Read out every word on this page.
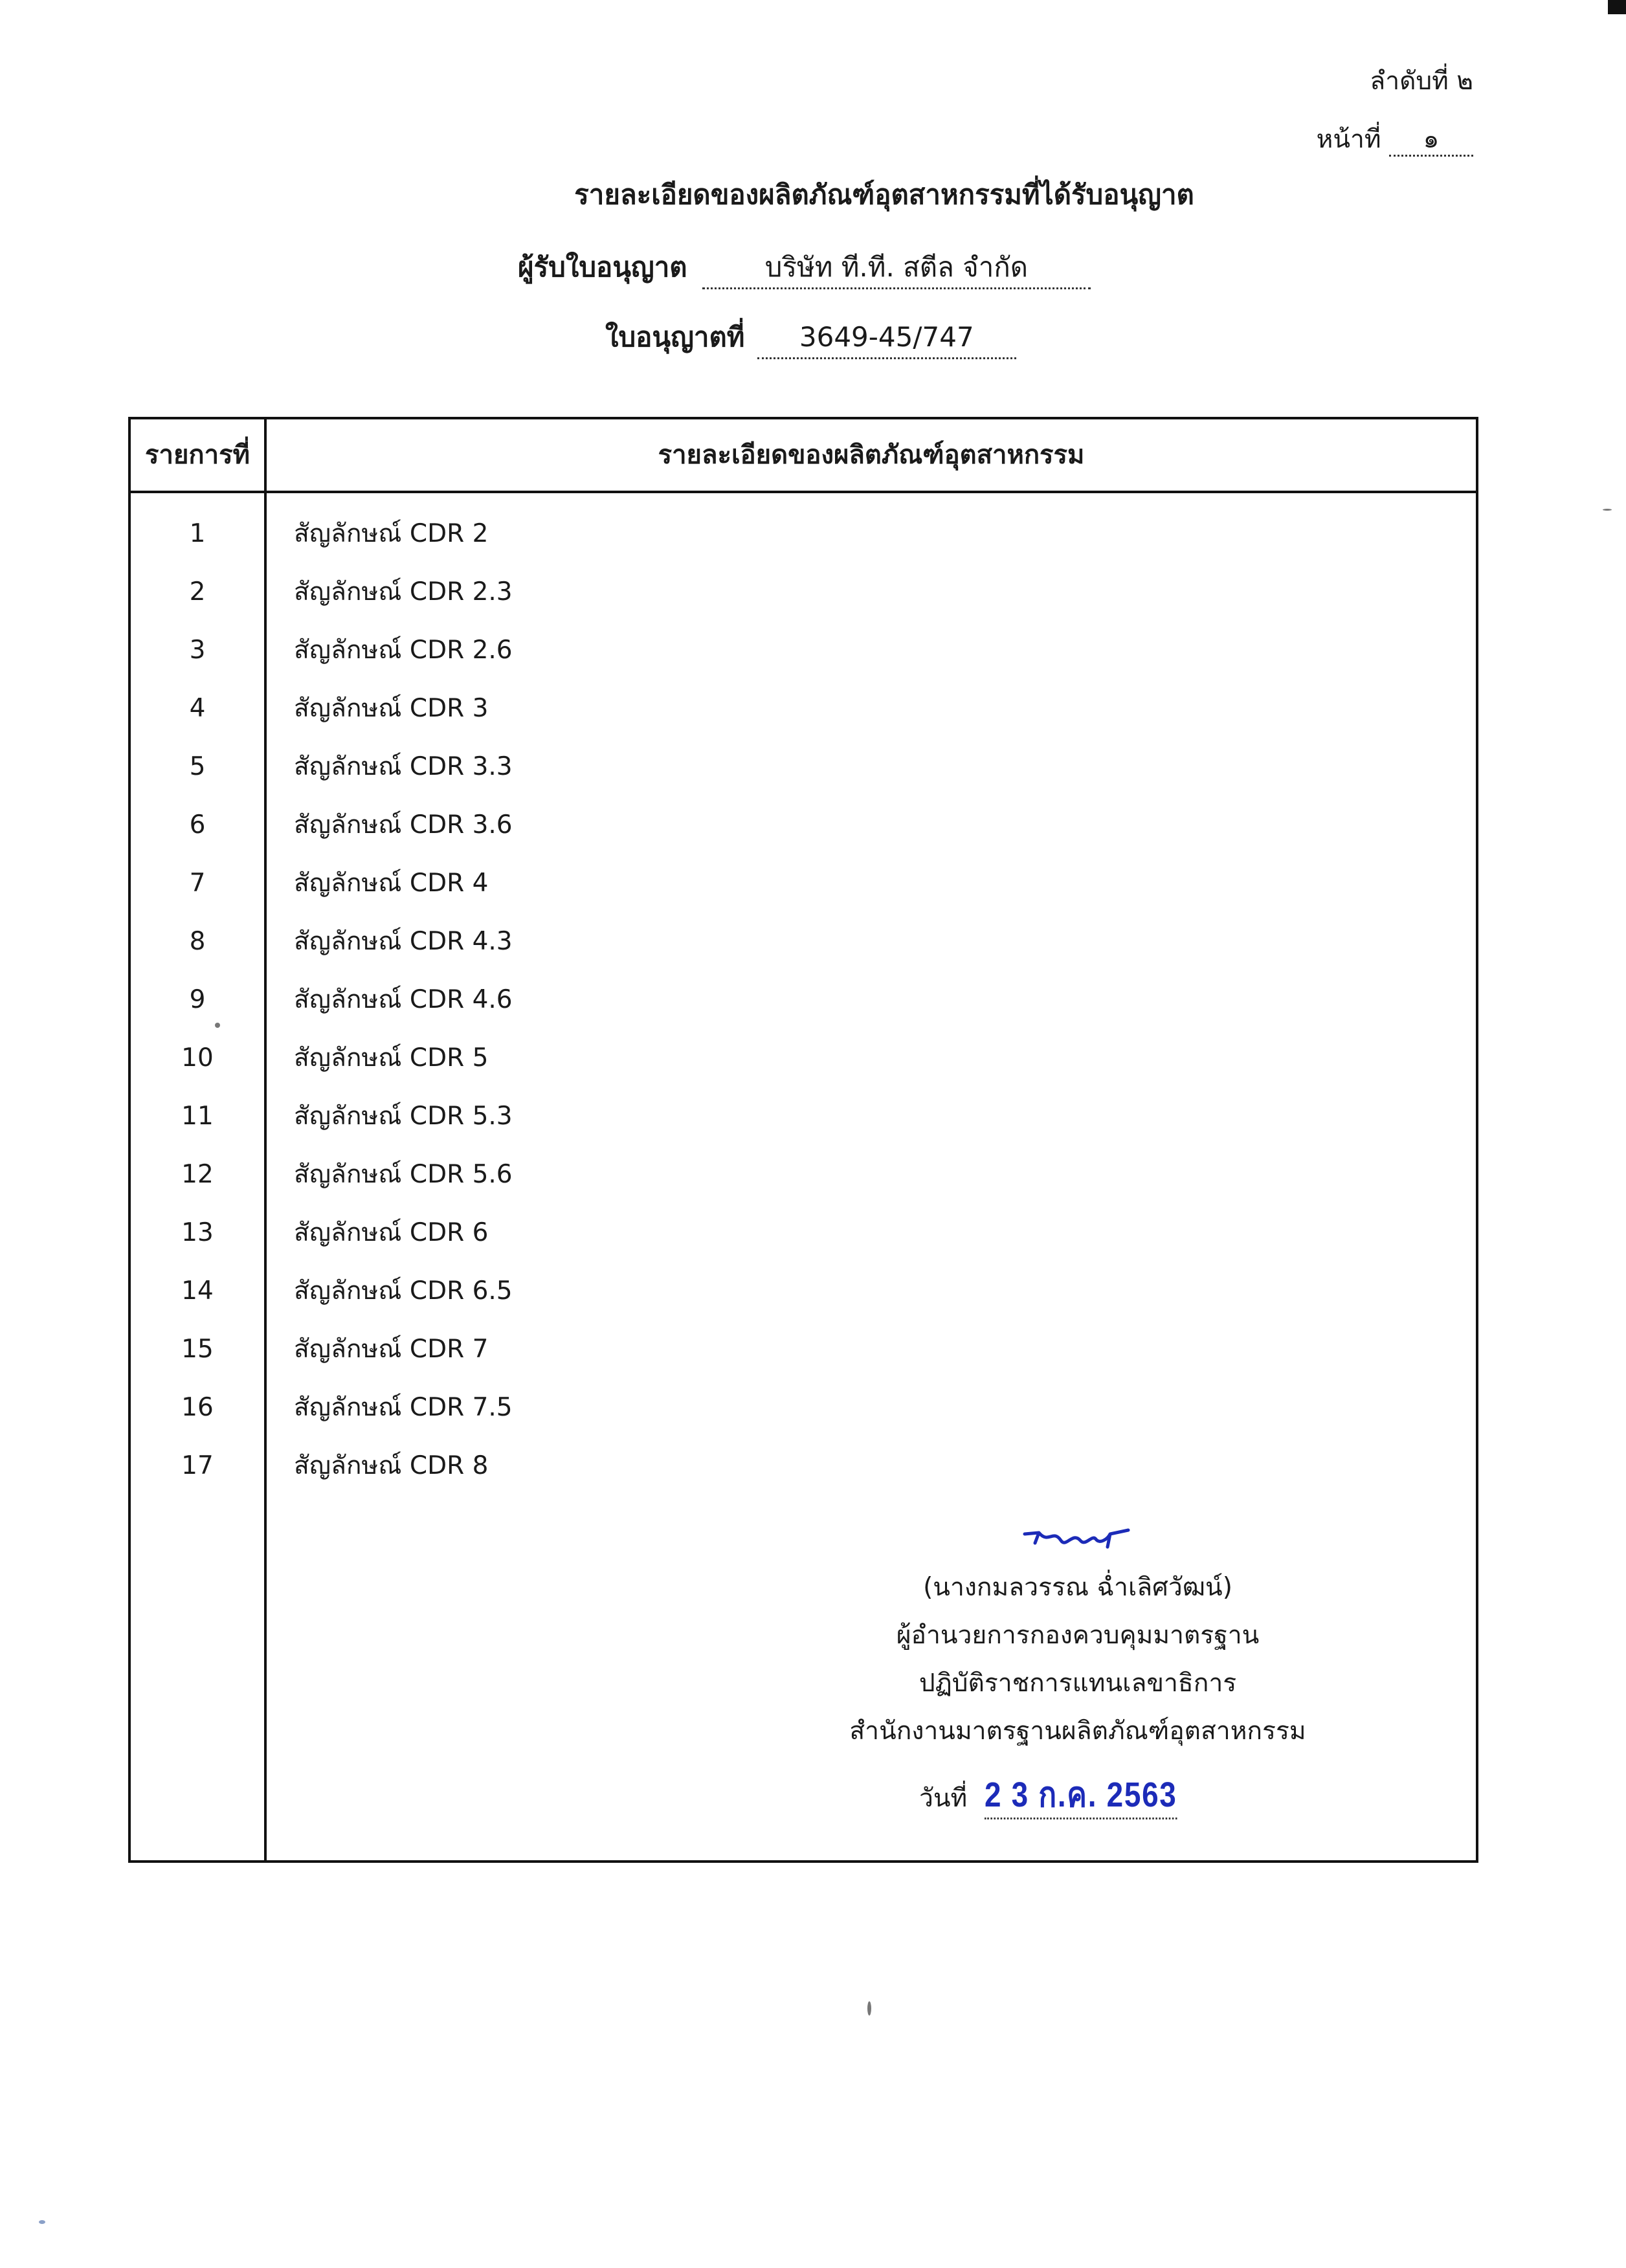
ลำดับที่ ๒
หน้าที่ ๑
รายละเอียดของผลิตภัณฑ์อุตสาหกรรมที่ได้รับอนุญาต
ผู้รับใบอนุญาต	บริษัท ที.ที. สตีล จำกัด
ใบอนุญาตที่ 3649-45/747
รายการที่	รายละเอียดของผลิตภัณฑ์อุตสาหกรรม
1	สัญลักษณ์ CDR 2
2	สัญลักษณ์ CDR 2.3
3	สัญลักษณ์ CDR 2.6
4	สัญลักษณ์ CDR 3
5	สัญลักษณ์ CDR 3.3
6	สัญลักษณ์ CDR 3.6
7	สัญลักษณ์ CDR 4
8	สัญลักษณ์ CDR 4.3
9	สัญลักษณ์ CDR 4.6
10	สัญลักษณ์ CDR 5
11	สัญลักษณ์ CDR 5.3
12	สัญลักษณ์ CDR 5.6
13	สัญลักษณ์ CDR 6
14	สัญลักษณ์ CDR 6.5
15	สัญลักษณ์ CDR 7
16	สัญลักษณ์ CDR 7.5
17	สัญลักษณ์ CDR 8
(นางกมลวรรณ ฉ่ำเลิศวัฒน์)
ผู้อำนวยการกองควบคุมมาตรฐาน
ปฏิบัติราชการแทนเลขาธิการ
สำนักงานมาตรฐานผลิตภัณฑ์อุตสาหกรรม
วันที่ 2 3 ก.ค. 2563
